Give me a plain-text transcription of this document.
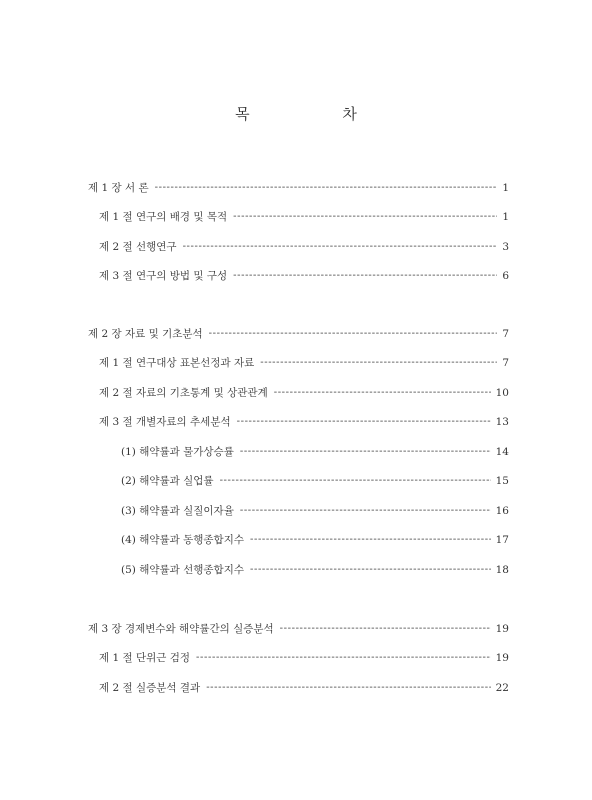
목 차
제 1 장 서 론 -----	1
제 1 절 연구의 배경 및 목적 -----	1
제 2 절 선행연구 -----	3
제 3 절 연구의 방법 및 구성 -----	6
제 2 장 자료 및 기초분석 -----	7
제 1 절 연구대상 표본선정과 자료 -----	7
제 2 절 자료의 기초통계 및 상관관계 -----	10
제 3 절 개별자료의 추세분석 -----	13
(1) 해약률과 물가상승률 -----	14
(2) 해약률과 실업률 -----	15
(3) 해약률과 실질이자율 -----	16
(4) 해약률과 동행종합지수 -----	17
(5) 해약률과 선행종합지수 -----	18
제 3 장 경제변수와 해약률간의 실증분석 -----	19
제 1 절 단위근 검정 -----	19
제 2 절 실증분석 결과 -----	22
